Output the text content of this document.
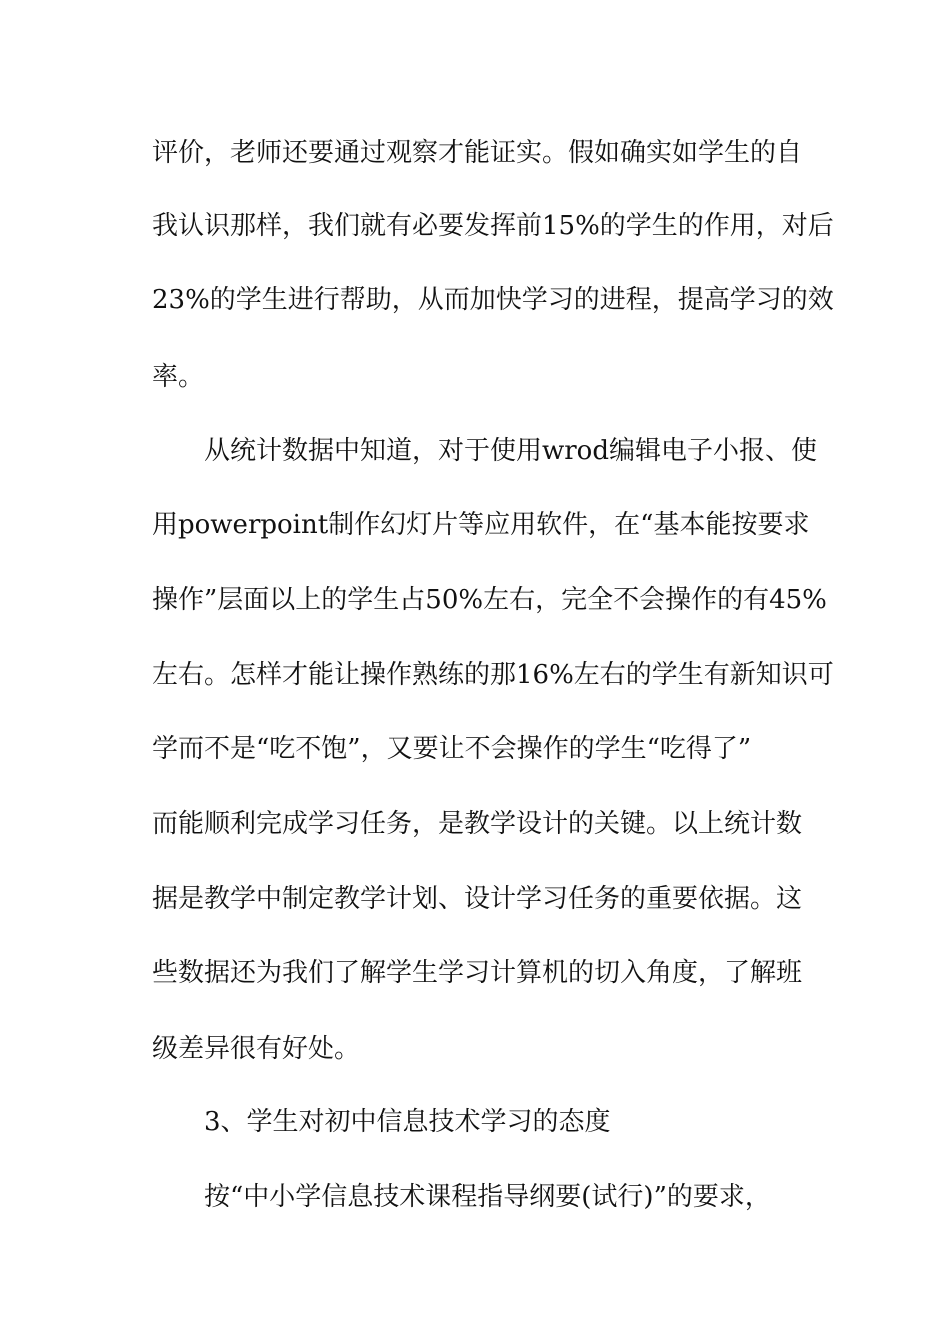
评价，老师还要通过观察才能证实。假如确实如学生的自

我认识那样，我们就有必要发挥前15%的学生的作用，对后

23%的学生进行帮助，从而加快学习的进程，提高学习的效

率。

从统计数据中知道，对于使用wrod编辑电子小报、使

用powerpoint制作幻灯片等应用软件，在“基本能按要求

操作”层面以上的学生占50%左右，完全不会操作的有45%

左右。怎样才能让操作熟练的那16%左右的学生有新知识可

学而不是“吃不饱”，又要让不会操作的学生“吃得了”

而能顺利完成学习任务，是教学设计的关键。以上统计数

据是教学中制定教学计划、设计学习任务的重要依据。这

些数据还为我们了解学生学习计算机的切入角度，了解班

级差异很有好处。

3、学生对初中信息技术学习的态度

按“中小学信息技术课程指导纲要(试行)”的要求，
